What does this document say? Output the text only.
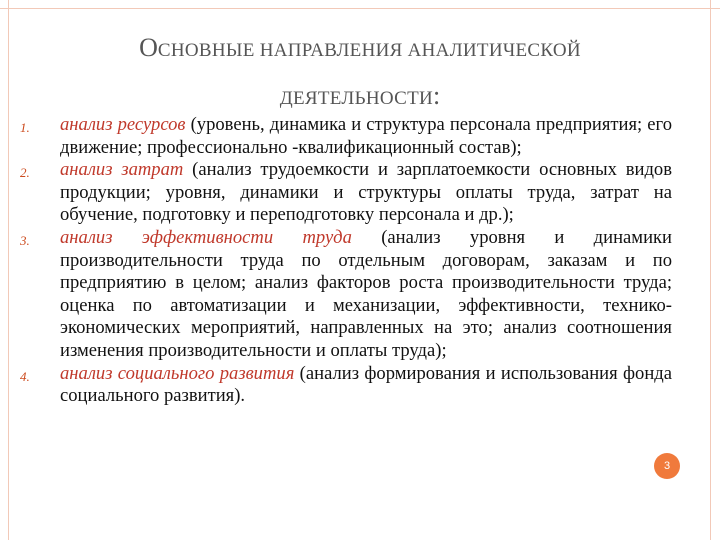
ОСНОВНЫЕ НАПРАВЛЕНИЯ АНАЛИТИЧЕСКОЙ
ДЕЯТЕЛЬНОСТИ:
1.	анализ ресурсов (уровень, динамика и структура персонала предприятия; его движение; профессионально -квалификационный состав);
2.	анализ затрат (анализ трудоемкости и зарплатоемкости основных видов продукции; уровня, динамики и структуры оплаты труда, затрат на обучение, подготовку и переподготовку персонала и др.);
3.	анализ эффективности труда (анализ уровня и динамики производительности труда по отдельным договорам, заказам и по предприятию в целом; анализ факторов роста производительности труда; оценка по автоматизации и механизации, эффективности, технико-экономических мероприятий, направленных на это; анализ соотношения изменения производительности и оплаты труда);
4.	анализ социального развития (анализ формирования и использования фонда социального развития).
3
